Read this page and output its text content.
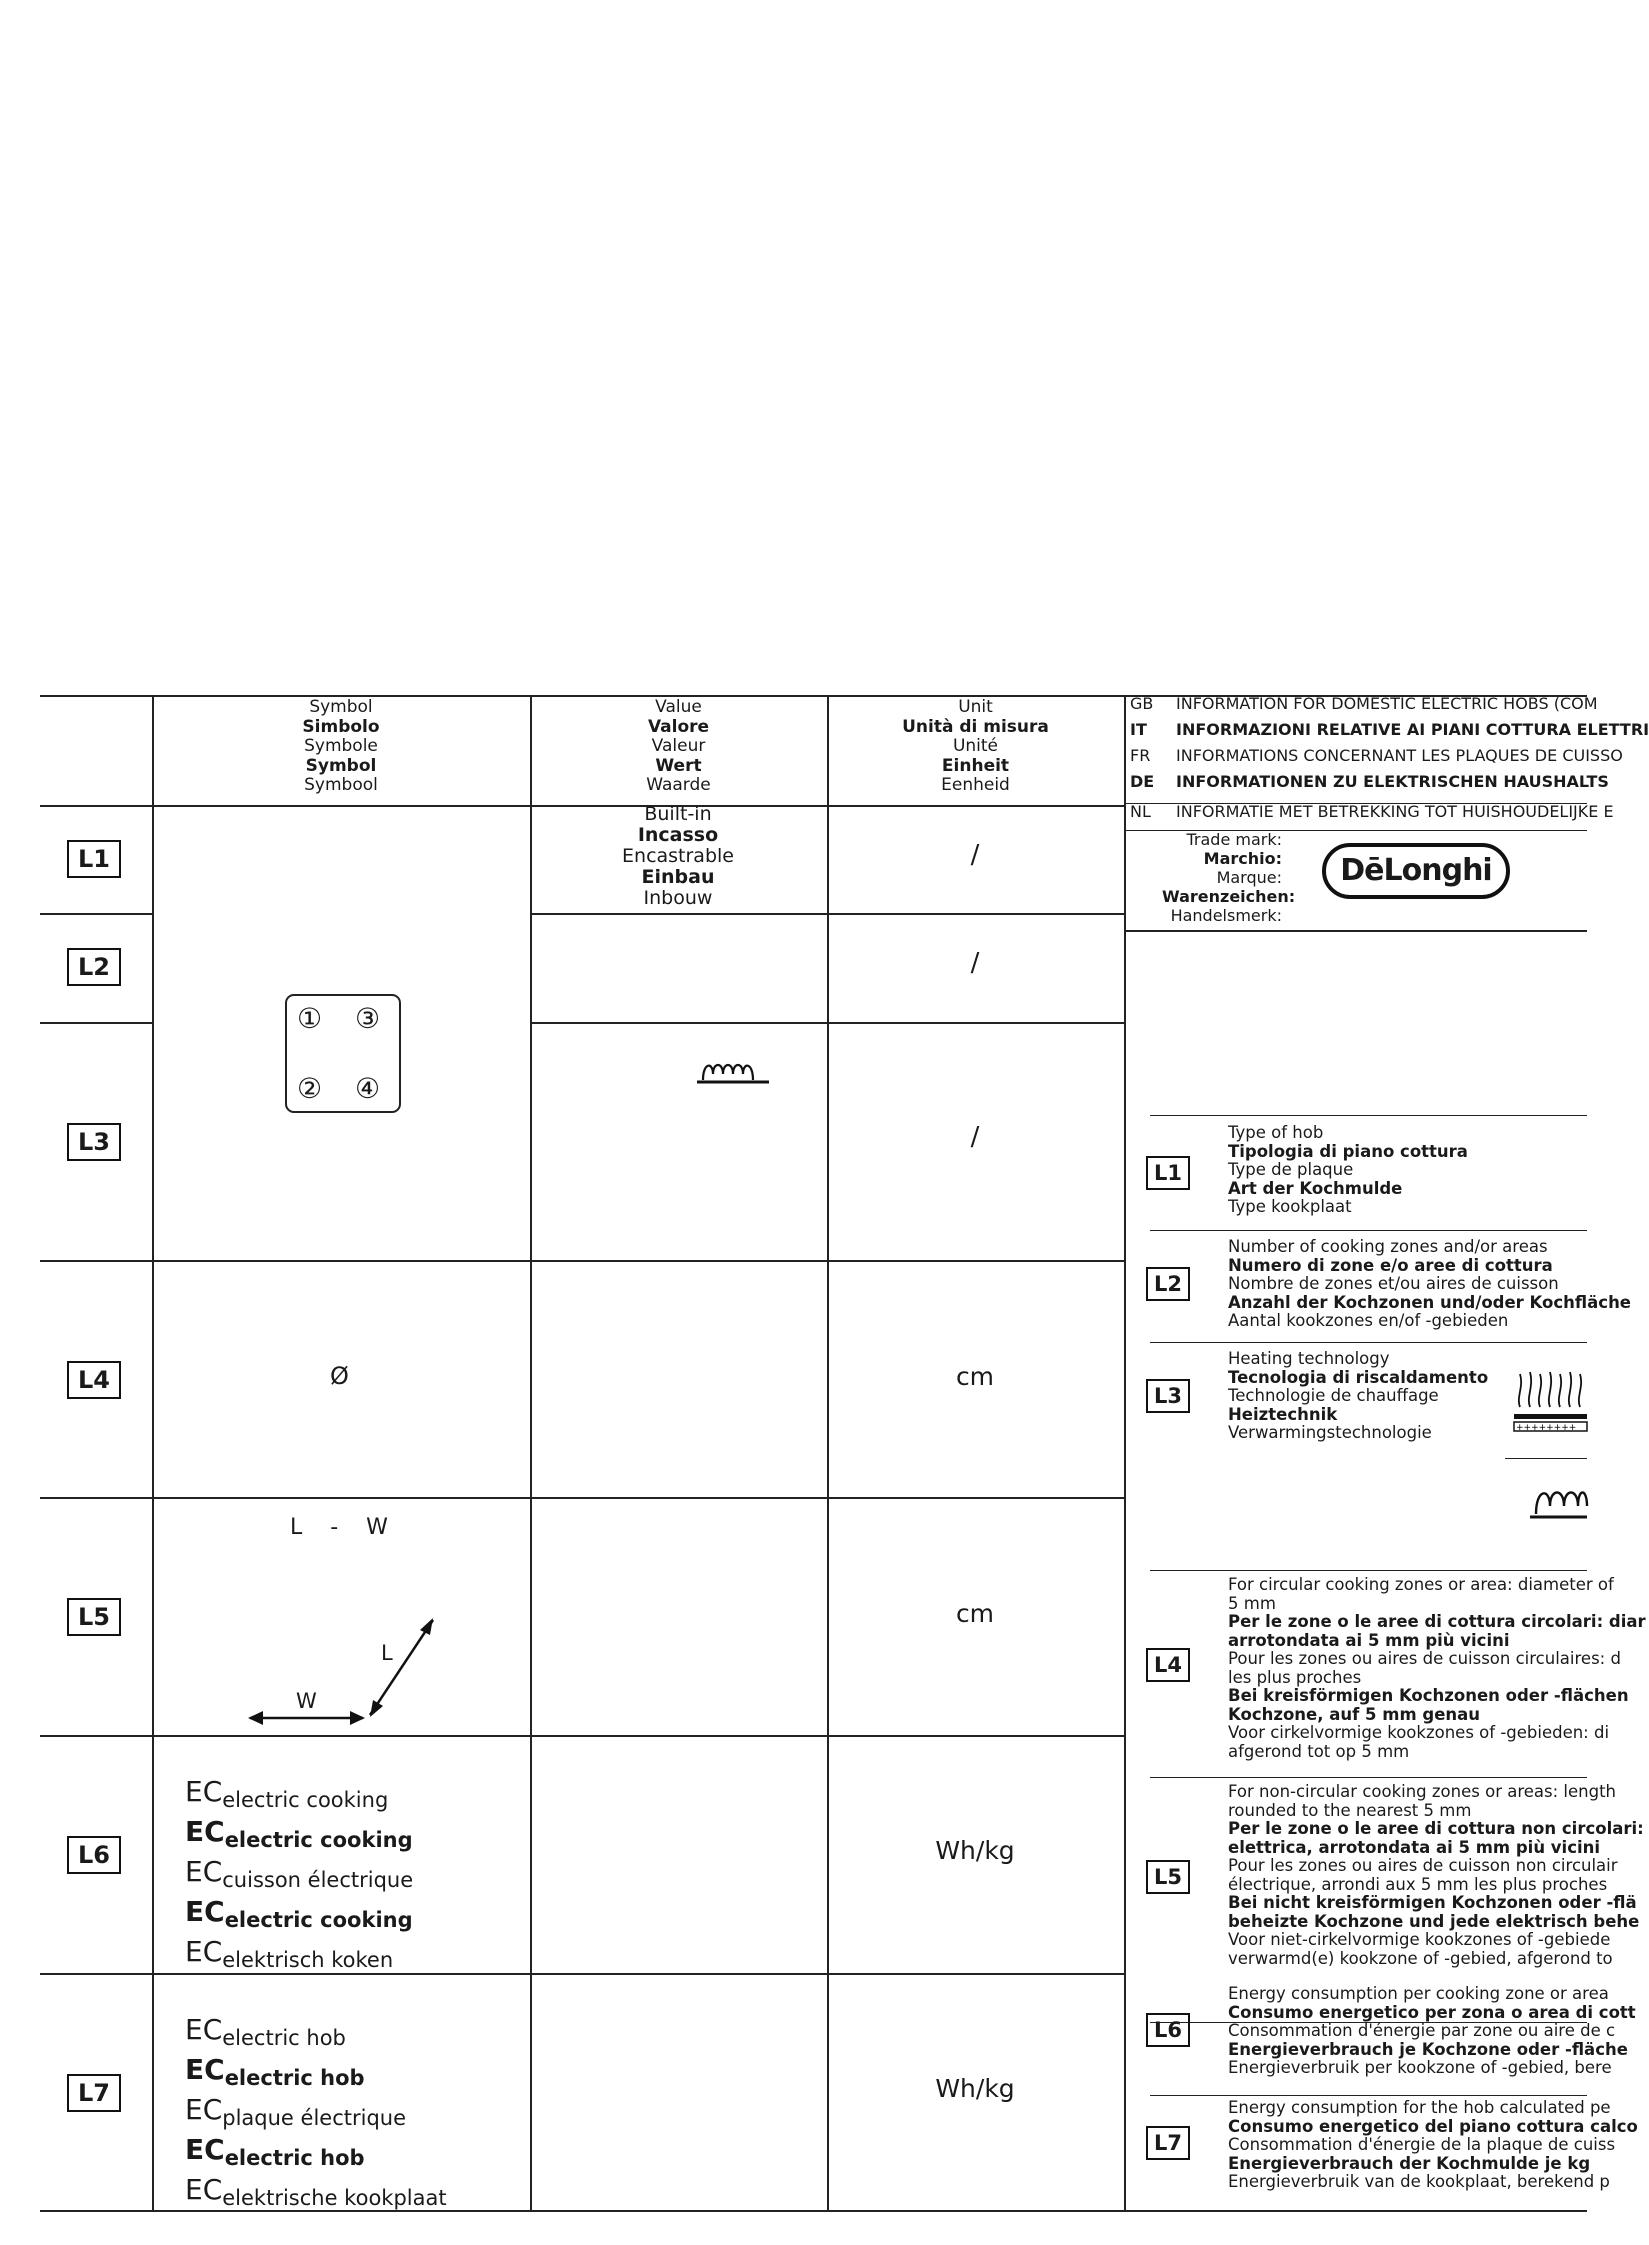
Symbol
Simbolo
Symbole
Symbol
Symbool
Value
Valore
Valeur
Wert
Waarde
Unit
Unità di misura
Unité
Einheit
Eenheid
L1
L2
L3
L4
L5
L6
L7
Built-in
Incasso
Encastrable
Einbau
Inbouw
/
/
/
cm
cm
Wh/kg
Wh/kg
① ③
② ④
Ø
L    -    W
L
W
$EC_{electric cooking}$
$EC_{electric cooking}$
$EC_{cuisson électrique}$
$EC_{electric cooking}$
$EC_{elektrisch koken}$
$EC_{electric hob}$
$EC_{electric hob}$
$EC_{plaque électrique}$
$EC_{electric hob}$
$EC_{elektrische kookplaat}$
GB INFORMATION FOR DOMESTIC ELECTRIC HOBS (COM
IT INFORMAZIONI RELATIVE AI PIANI COTTURA ELETTRI
FR INFORMATIONS CONCERNANT LES PLAQUES DE CUISSO
DE INFORMATIONEN ZU ELEKTRISCHEN HAUSHALTS
NL INFORMATIE MET BETREKKING TOT HUISHOUDELIJKE E
Trade mark:
Marchio:
Marque:
Warenzeichen:
Handelsmerk:
DēLonghi
L1
Type of hob
Tipologia di piano cottura
Type de plaque
Art der Kochmulde
Type kookplaat
L2
Number of cooking zones and/or areas
Numero di zone e/o aree di cottura
Nombre de zones et/ou aires de cuisson
Anzahl der Kochzonen und/oder Kochfläche
Aantal kookzones en/of -gebieden
L3
Heating technology
Tecnologia di riscaldamento
Technologie de chauffage
Heiztechnik
Verwarmingstechnologie	++++++++
L4
For circular cooking zones or area: diameter of
5 mm
Per le zone o le aree di cottura circolari: diar
arrotondata ai 5 mm più vicini
Pour les zones ou aires de cuisson circulaires: d
les plus proches
Bei kreisförmigen Kochzonen oder -flächen
Kochzone, auf 5 mm genau
Voor cirkelvormige kookzones of -gebieden: di
afgerond tot op 5 mm
L5
For non-circular cooking zones or areas: length
rounded to the nearest 5 mm
Per le zone o le aree di cottura non circolari:
elettrica, arrotondata ai 5 mm più vicini
Pour les zones ou aires de cuisson non circulair
électrique, arrondi aux 5 mm les plus proches
Bei nicht kreisförmigen Kochzonen oder -flä
beheizte Kochzone und jede elektrisch behe
Voor niet-cirkelvormige kookzones of -gebiede
verwarmd(e) kookzone of -gebied, afgerond to
L6
Energy consumption per cooking zone or area
Consumo energetico per zona o area di cott
Consommation d'énergie par zone ou aire de c
Energieverbrauch je Kochzone oder -fläche
Energieverbruik per kookzone of -gebied, bere
L7
Energy consumption for the hob calculated pe
Consumo energetico del piano cottura calco
Consommation d'énergie de la plaque de cuiss
Energieverbrauch der Kochmulde je kg
Energieverbruik van de kookplaat, berekend p
